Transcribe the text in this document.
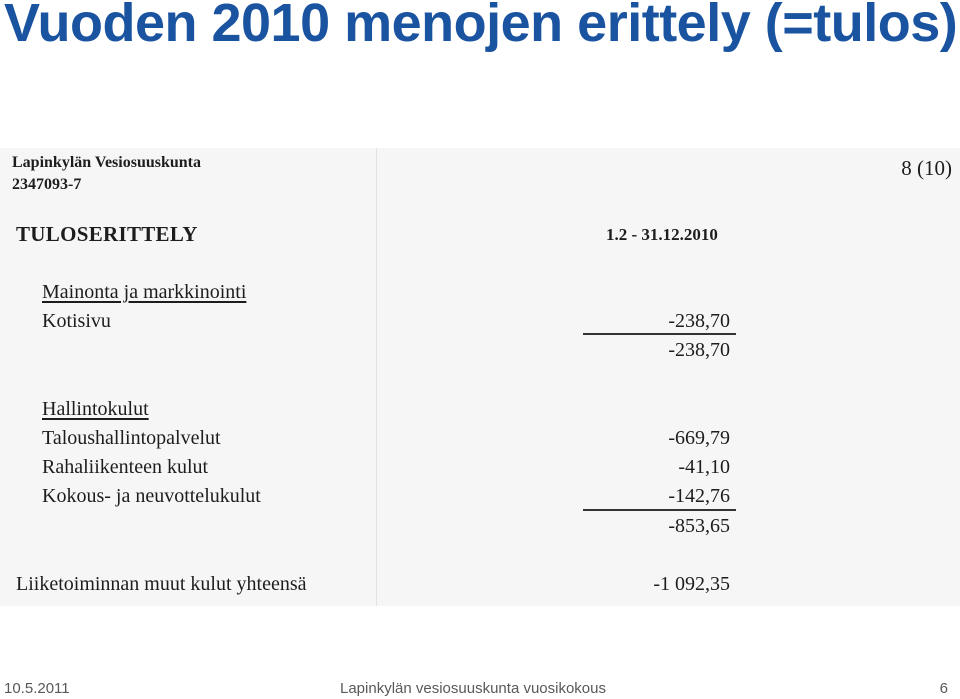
Vuoden 2010 menojen erittely (=tulos)
Lapinkylän Vesiosuuskunta
2347093-7
8 (10)
TULOSERITTELY	1.2 - 31.12.2010
Mainonta ja markkinointi
Kotisivu	-238,70
-238,70
Hallintokulut
Taloushallintopalvelut	-669,79
Rahaliikenteen kulut	-41,10
Kokous- ja neuvottelukulut	-142,76
-853,65
Liiketoiminnan muut kulut yhteensä	-1 092,35
10.5.2011	Lapinkylän vesiosuuskunta vuosikokous	6
